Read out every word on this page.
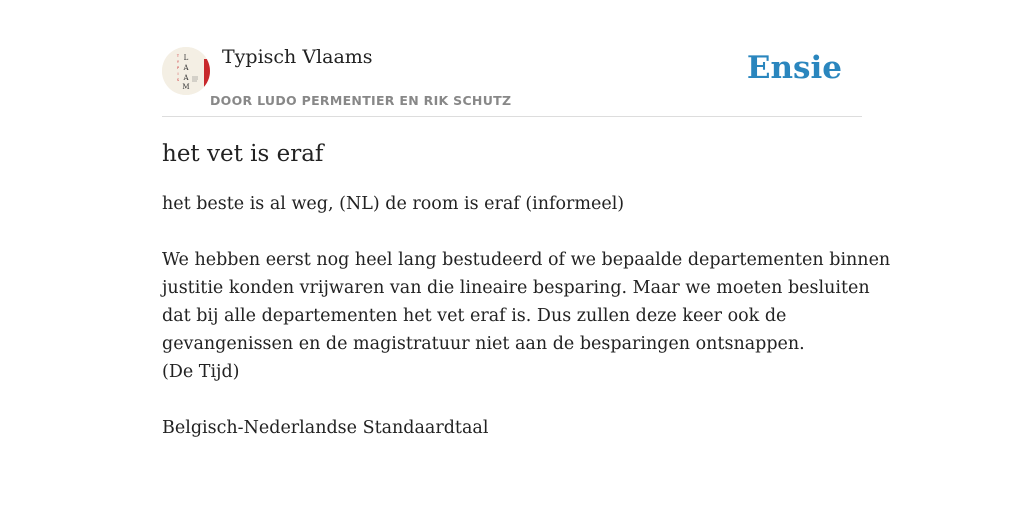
L
A
A
M
T
Y
P
I
S
Typisch Vlaams
DOOR LUDO PERMENTIER EN RIK SCHUTZ
Ensie
het vet is eraf

het beste is al weg, (NL) de room is eraf (informeel)

We hebben eerst nog heel lang bestudeerd of we bepaalde departementen binnen
justitie konden vrijwaren van die lineaire besparing. Maar we moeten besluiten
dat bij alle departementen het vet eraf is. Dus zullen deze keer ook de
gevangenissen en de magistratuur niet aan de besparingen ontsnappen.
(De Tijd)

Belgisch-Nederlandse Standaardtaal
